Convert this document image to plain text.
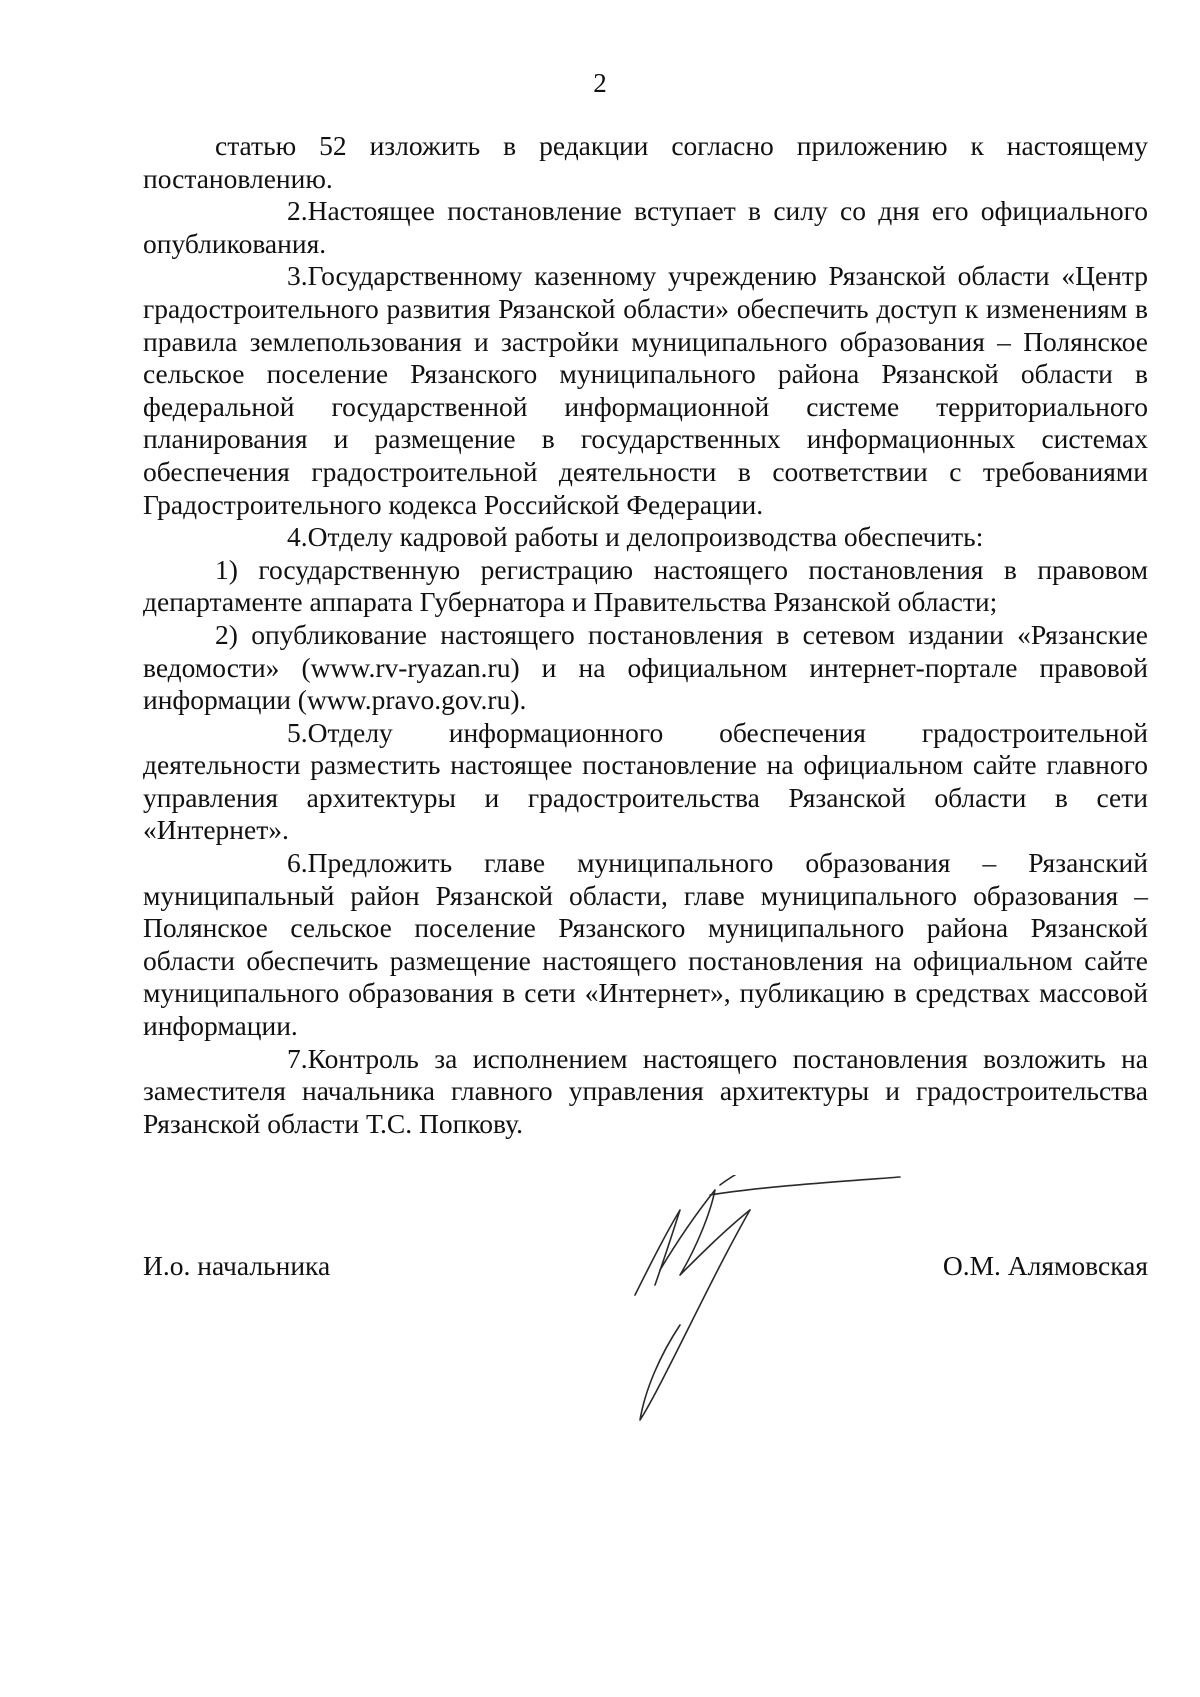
2

статью 52 изложить в редакции согласно приложению к настоящему постановлению.

2.Настоящее постановление вступает в силу со дня его официального опубликования.

3.Государственному казенному учреждению Рязанской области «Центр градостроительного развития Рязанской области» обеспечить доступ к изменениям в правила землепользования и застройки муниципального образования – Полянское сельское поселение Рязанского муниципального района Рязанской области в федеральной государственной информационной системе территориального планирования и размещение в государственных информационных системах обеспечения градостроительной деятельности в соответствии с требованиями Градостроительного кодекса Российской Федерации.

4.Отделу кадровой работы и делопроизводства обеспечить:

1) государственную регистрацию настоящего постановления в правовом департаменте аппарата Губернатора и Правительства Рязанской области;

2) опубликование настоящего постановления в сетевом издании «Рязанские ведомости» (www.rv-ryazan.ru) и на официальном интернет-портале правовой информации (www.pravo.gov.ru).

5.Отделу информационного обеспечения градостроительной деятельности разместить настоящее постановление на официальном сайте главного управления архитектуры и градостроительства Рязанской области в сети «Интернет».

6.Предложить главе муниципального образования – Рязанский муниципальный район Рязанской области, главе муниципального образования – Полянское сельское поселение Рязанского муниципального района Рязанской области обеспечить размещение настоящего постановления на официальном сайте муниципального образования в сети «Интернет», публикацию в средствах массовой информации.

7.Контроль за исполнением настоящего постановления возложить на заместителя начальника главного управления архитектуры и градостроительства Рязанской области Т.С. Попкову.

И.о. начальника	О.М. Алямовская
